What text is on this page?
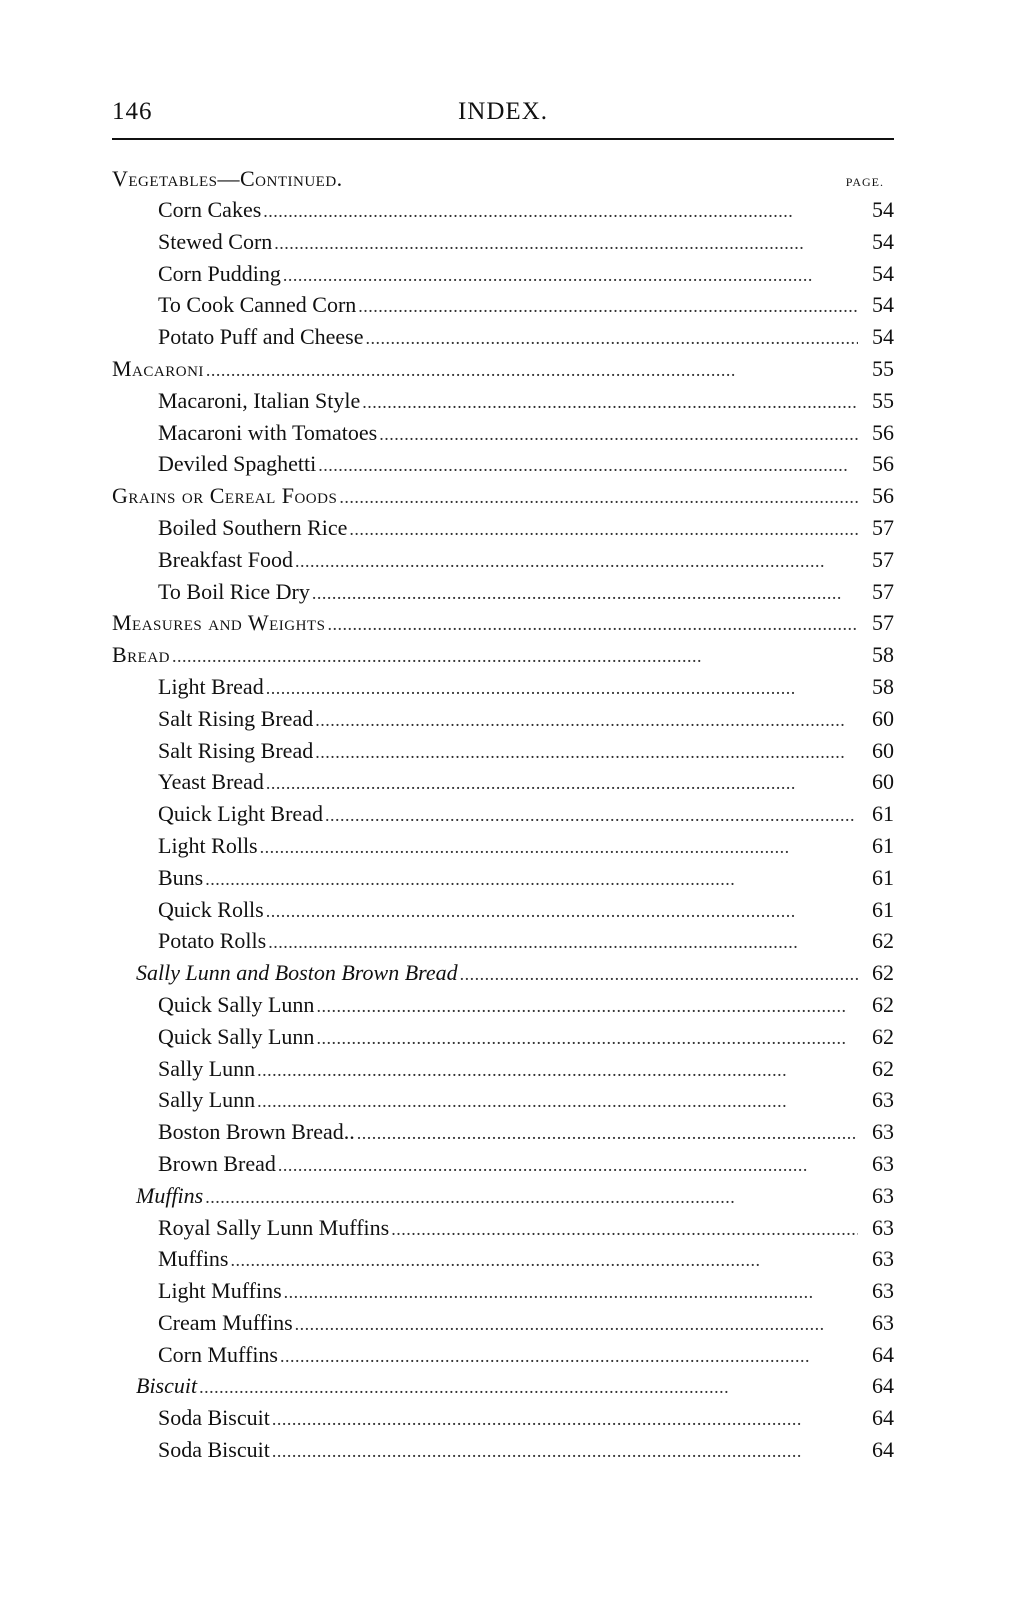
146	INDEX.
Vegetables—Continued.	PAGE.
Corn Cakes . . .	54
Stewed Corn . . .	54
Corn Pudding . . .	54
To Cook Canned Corn . . .	54
Potato Puff and Cheese . . .	54
Macaroni . . .	55
Macaroni, Italian Style . . .	55
Macaroni with Tomatoes . . .	56
Deviled Spaghetti . . .	56
Grains or Cereal Foods . . .	56
Boiled Southern Rice . . .	57
Breakfast Food . . .	57
To Boil Rice Dry . . .	57
Measures and Weights . . .	57
Bread . . .	58
Light Bread . . .	58
Salt Rising Bread . . .	60
Salt Rising Bread . . .	60
Yeast Bread . . .	60
Quick Light Bread . . .	61
Light Rolls . . .	61
Buns . . .	61
Quick Rolls . . .	61
Potato Rolls . . .	62
Sally Lunn and Boston Brown Bread . . .	62
Quick Sally Lunn . . .	62
Quick Sally Lunn . . .	62
Sally Lunn . . .	62
Sally Lunn . . .	63
Boston Brown Bread.. . . .	63
Brown Bread . . .	63
Muffins . . .	63
Royal Sally Lunn Muffins . . .	63
Muffins . . .	63
Light Muffins . . .	63
Cream Muffins . . .	63
Corn Muffins . . .	64
Biscuit . . .	64
Soda Biscuit . . .	64
Soda Biscuit . . .	64
